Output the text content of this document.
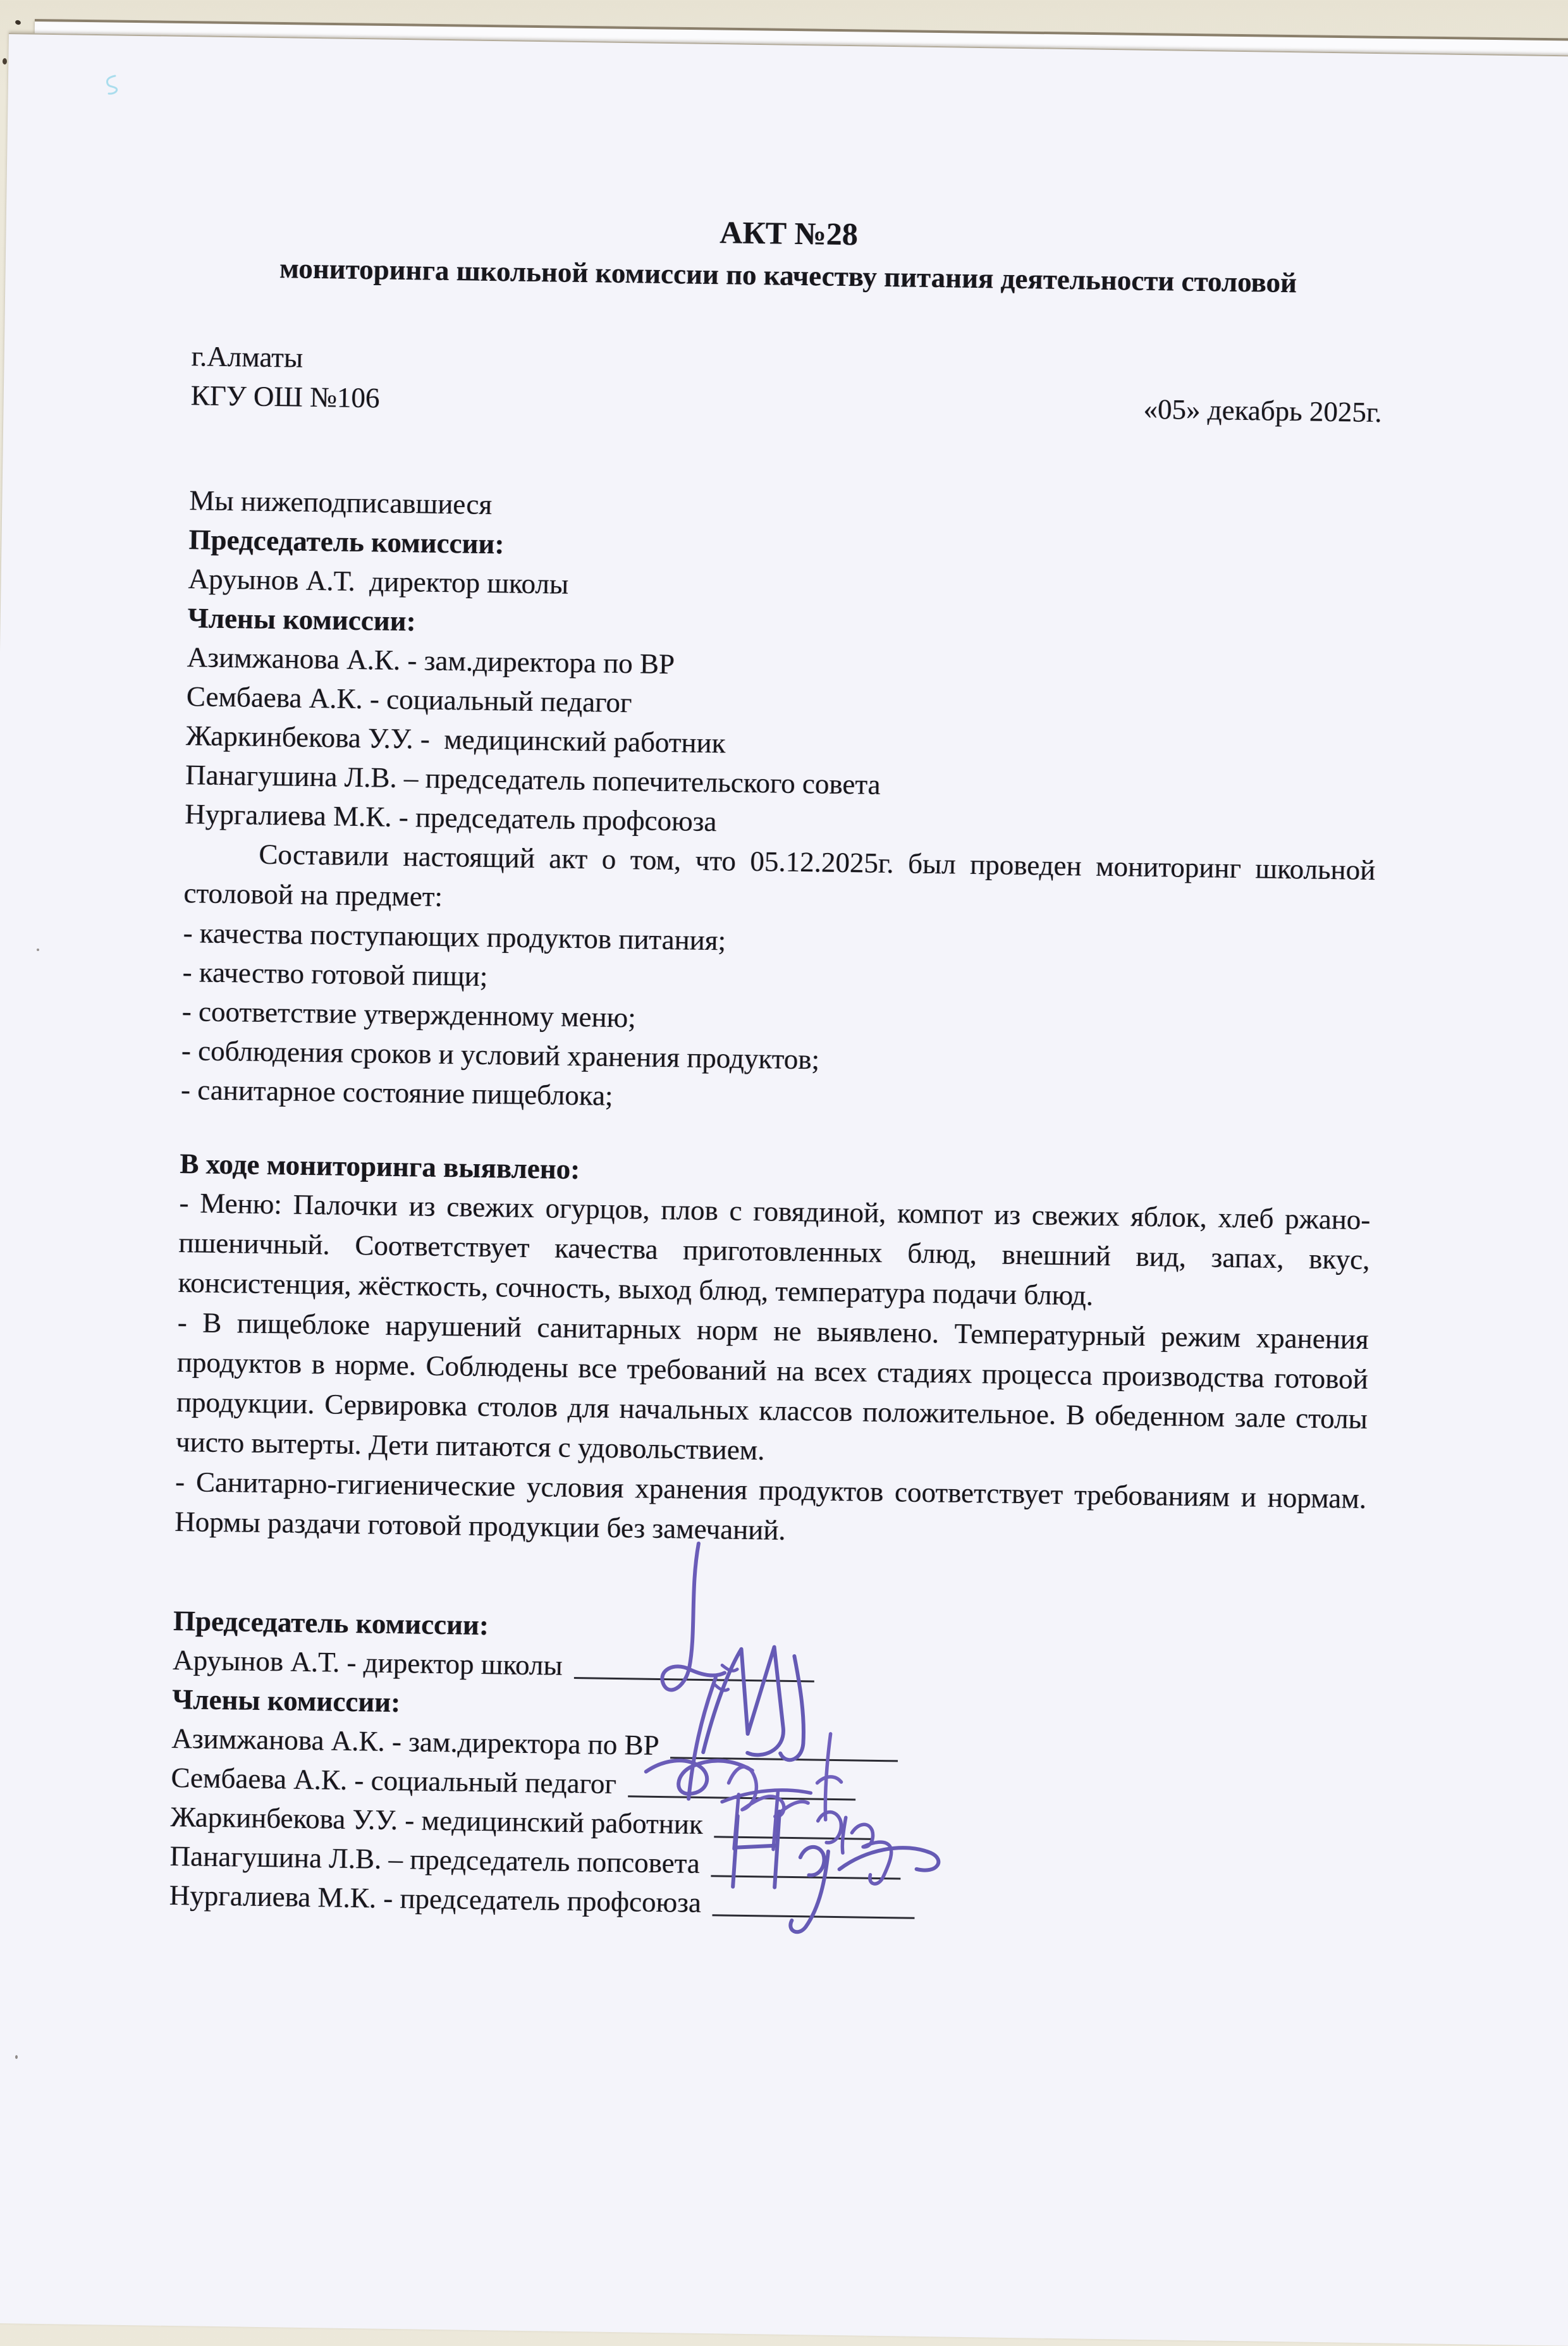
АКТ №28
мониторинга школьной комиссии по качеству питания деятельности столовой
г.Алматы
КГУ ОШ №106	«05» декабрь 2025г.
Мы нижеподписавшиеся
Председатель комиссии:
Аруынов А.Т.  директор школы
Члены комиссии:
Азимжанова А.К. - зам.директора по ВР
Сембаева А.К. - социальный педагог
Жаркинбекова У.У. -  медицинский работник
Панагушина Л.В. – председатель попечительского совета
Нургалиева М.К. - председатель профсоюза
Составили настоящий акт о том, что 05.12.2025г. был проведен мониторинг школьной столовой на предмет:
- качества поступающих продуктов питания;
- качество готовой пищи;
- соответствие утвержденному меню;
- соблюдения сроков и условий хранения продуктов;
- санитарное состояние пищеблока;
В ходе мониторинга выявлено:
- Меню: Палочки из свежих огурцов, плов с говядиной, компот из свежих яблок, хлеб ржано-пшеничный. Соответствует качества приготовленных блюд, внешний вид, запах, вкус, консистенция, жёсткость, сочность, выход блюд, температура подачи блюд.
- В пищеблоке нарушений санитарных норм не выявлено. Температурный режим хранения продуктов в норме. Соблюдены все требований на всех стадиях процесса производства готовой продукции. Сервировка столов для начальных классов положительное. В обеденном зале столы чисто вытерты. Дети питаются с удовольствием.
- Санитарно-гигиенические условия хранения продуктов соответствует требованиям и нормам. Нормы раздачи готовой продукции без замечаний.
Председатель комиссии:
Аруынов А.Т. - директор школы
Члены комиссии:
Азимжанова А.К. - зам.директора по ВР
Сембаева А.К. - социальный педагог
Жаркинбекова У.У. - медицинский работник
Панагушина Л.В. – председатель попсовета
Нургалиева М.К. - председатель профсоюза
